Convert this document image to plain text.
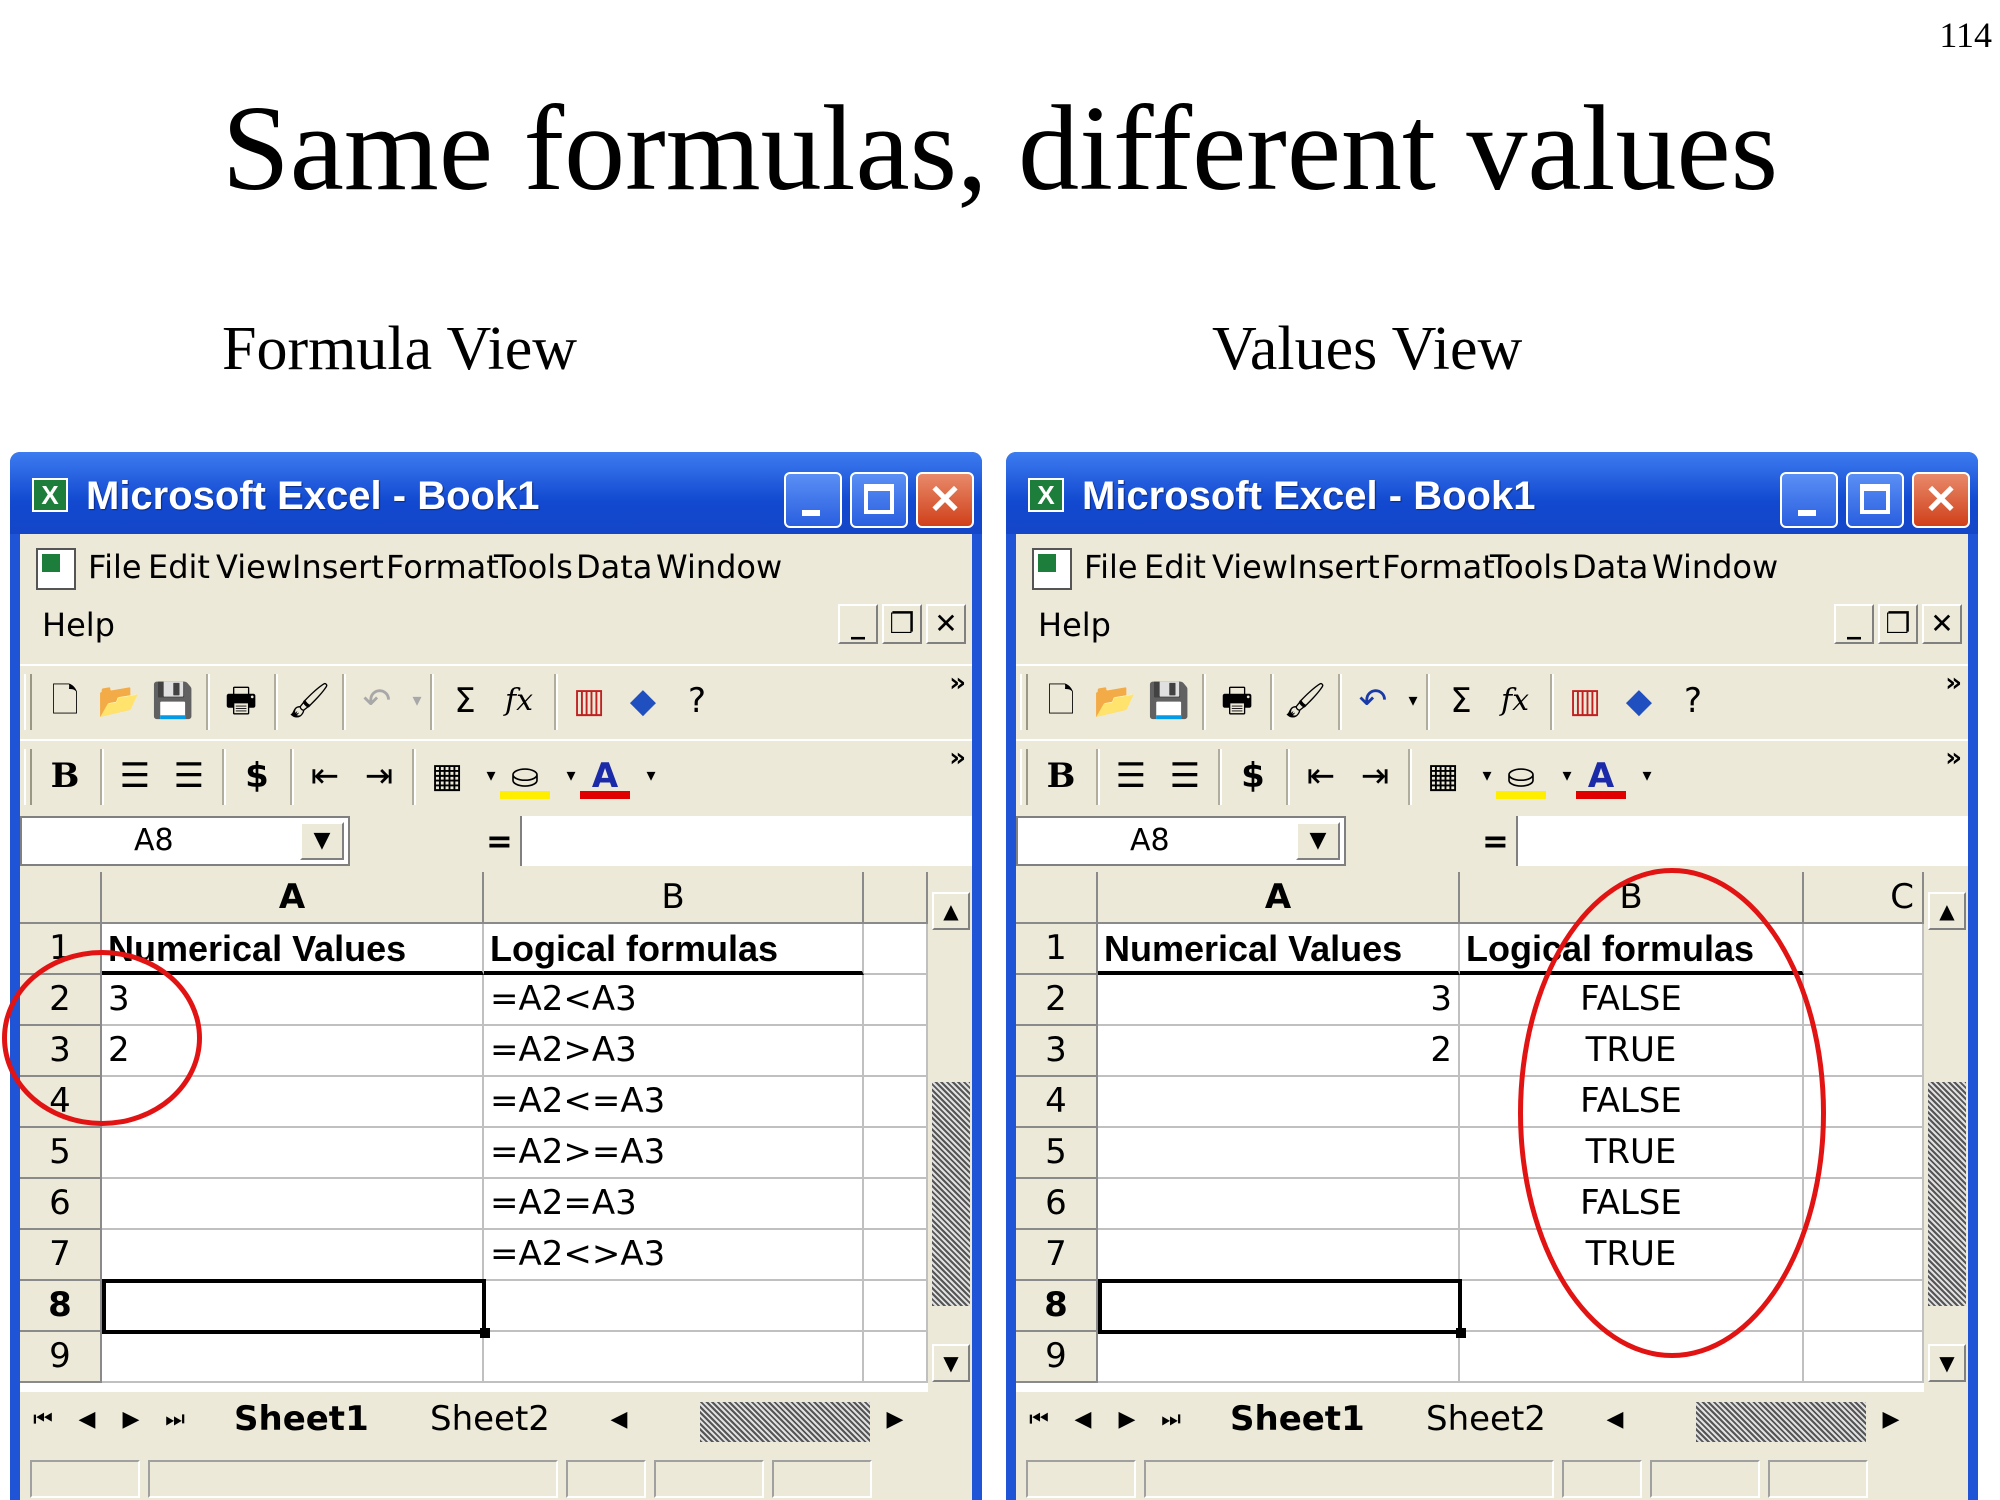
114
Same formulas, different values
Formula View	Values View
X Microsoft Excel - Book1	✕
File Edit View Insert Format
Tools Data Window
Help	_ ❐ ✕
🗋 📂 💾 🖶 🖌 ↶	▾ Σ fx	▥ ◆ ?	»
B	☰ ☰	$	⇤ ⇥	▦	▾ ⛀	▾ A	▾
»
A8	▼	=
A	B
1
2
3
4
5
6
7
8
9
Numerical Values	Logical formulas
3	=A2<A3
2	=A2>A3
=A2<=A3
=A2>=A3
=A2=A3
=A2<>A3
▲
▼
⏮	◀	▶	⏭ Sheet1 Sheet2	◀	▶
X Microsoft Excel - Book1	✕
File Edit View Insert Format
Tools Data Window
Help	_ ❐ ✕
🗋 📂 💾 🖶 🖌 ↶	▾ Σ fx	▥ ◆ ?	»
B	☰ ☰	$	⇤ ⇥	▦	▾ ⛀	▾ A	▾
»
A8	▼	=
A	B	C
1
2
3
4
5
6
7
8
9
Numerical Values	Logical formulas
3	FALSE
2	TRUE
FALSE
TRUE
FALSE
TRUE
▲
▼
⏮	◀	▶	⏭ Sheet1 Sheet2	◀	▶
